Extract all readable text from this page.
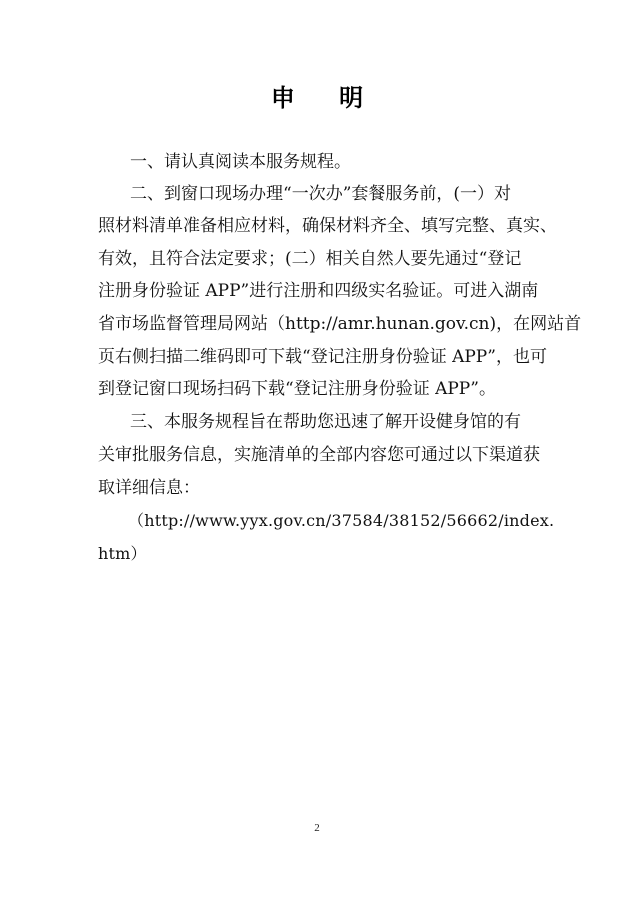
申 明
一、请认真阅读本服务规程。
二、到窗口现场办理“一次办”套餐服务前，(一）对
照材料清单准备相应材料，确保材料齐全、填写完整、真实、
有效，且符合法定要求；(二）相关自然人要先通过“登记
注册身份验证 APP”进行注册和四级实名验证。可进入湖南
省市场监督管理局网站（http://amr.hunan.gov.cn)，在网站首
页右侧扫描二维码即可下载“登记注册身份验证 APP”，也可
到登记窗口现场扫码下载“登记注册身份验证 APP”。
三、本服务规程旨在帮助您迅速了解开设健身馆的有
关审批服务信息，实施清单的全部内容您可通过以下渠道获
取详细信息：
（http://www.yyx.gov.cn/37584/38152/56662/index.
htm）
2
